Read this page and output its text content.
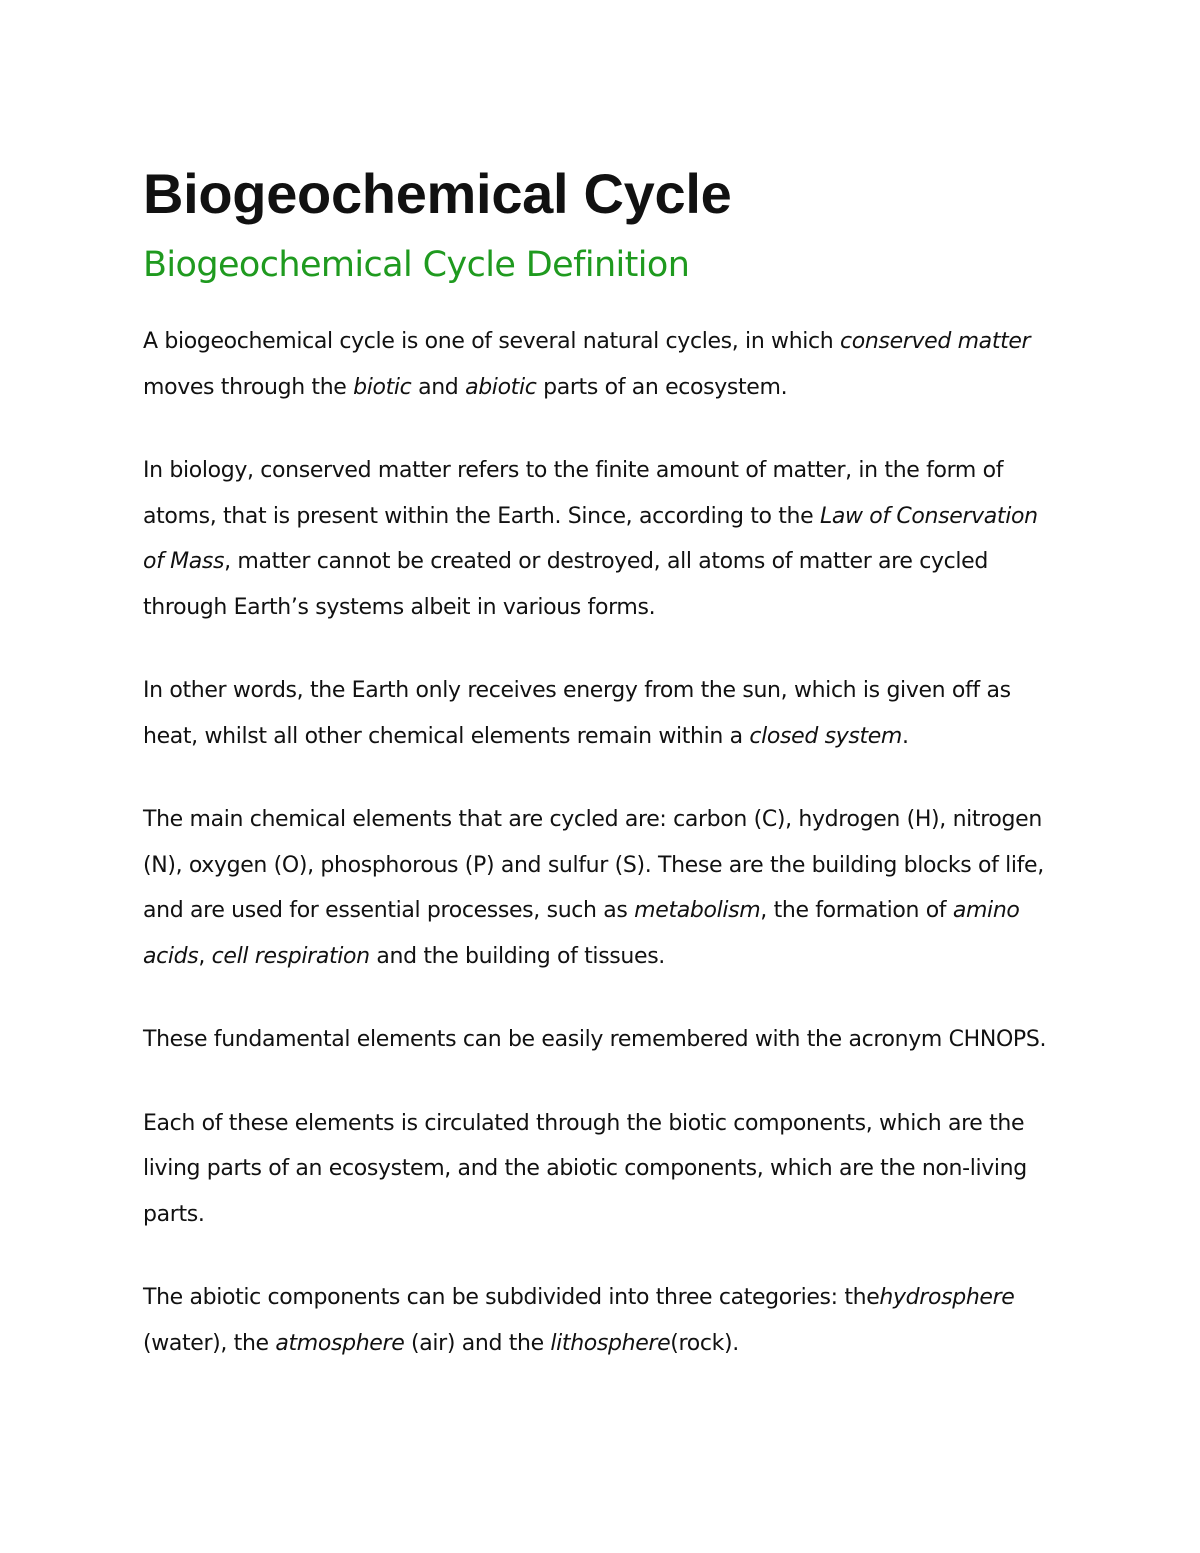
Biogeochemical Cycle
Biogeochemical Cycle Definition

A biogeochemical cycle is one of several natural cycles, in which conserved matter moves through the biotic and abiotic parts of an ecosystem.

In biology, conserved matter refers to the finite amount of matter, in the form of atoms, that is present within the Earth. Since, according to the Law of Conservation of Mass, matter cannot be created or destroyed, all atoms of matter are cycled through Earth’s systems albeit in various forms.

In other words, the Earth only receives energy from the sun, which is given off as heat, whilst all other chemical elements remain within a closed system.

The main chemical elements that are cycled are: carbon (C), hydrogen (H), nitrogen (N), oxygen (O), phosphorous (P) and sulfur (S). These are the building blocks of life, and are used for essential processes, such as metabolism, the formation of amino acids, cell respiration and the building of tissues.

These fundamental elements can be easily remembered with the acronym CHNOPS.

Each of these elements is circulated through the biotic components, which are the living parts of an ecosystem, and the abiotic components, which are the non-living parts.

The abiotic components can be subdivided into three categories: thehydrosphere (water), the atmosphere (air) and the lithosphere(rock).
